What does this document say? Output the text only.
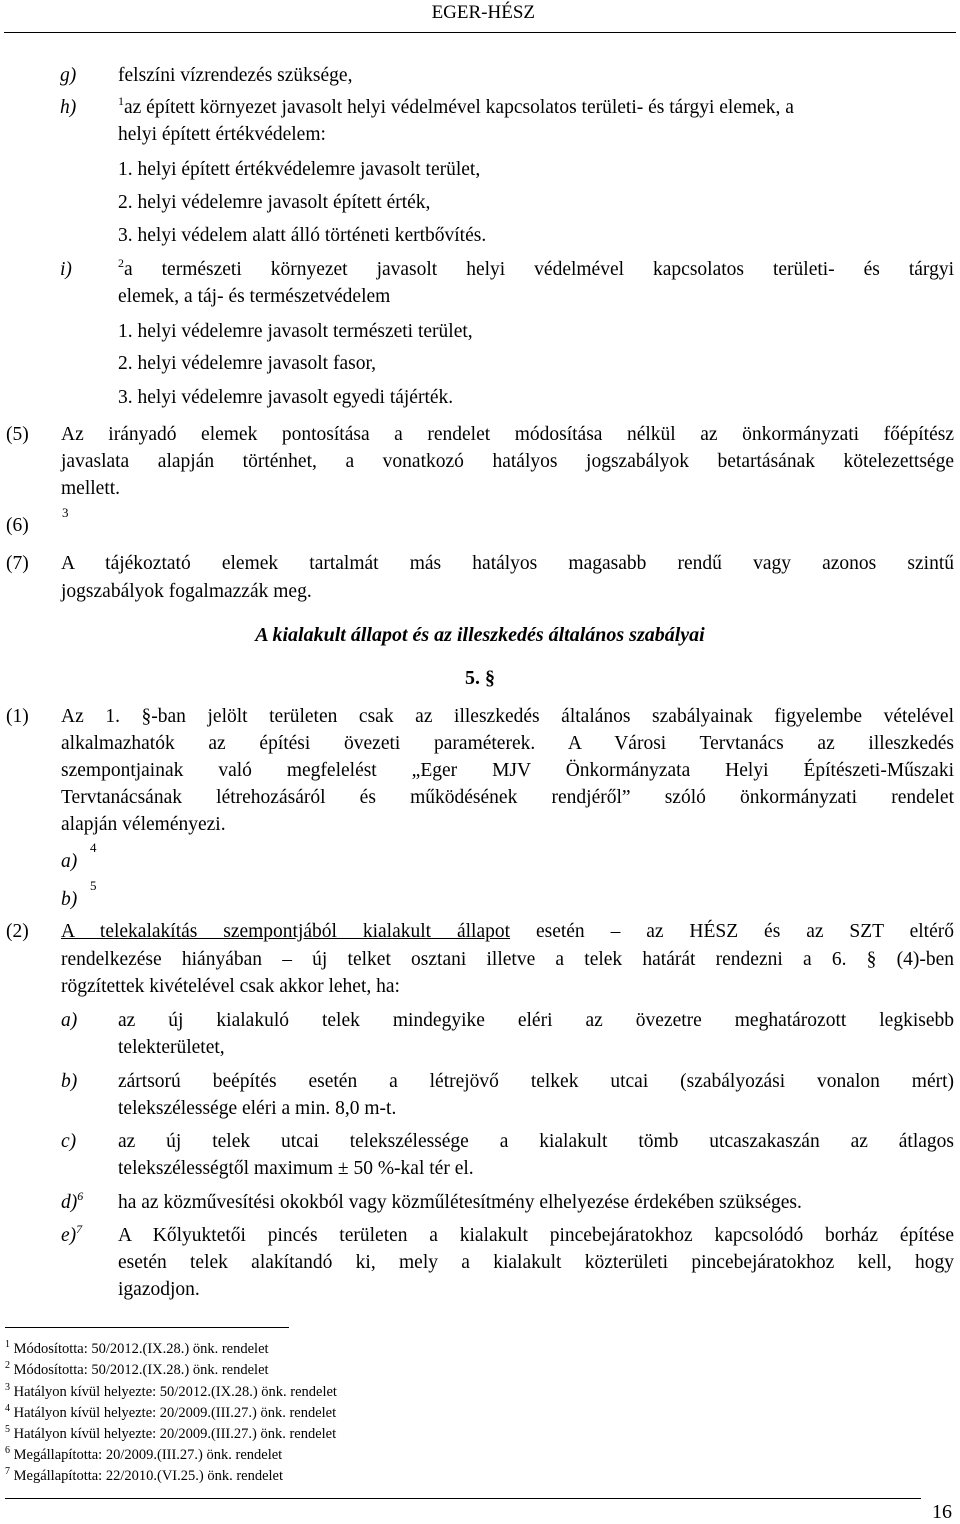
EGER-HÉSZ
g) felszíni vízrendezés szüksége,
h)	$^1$az épített környezet javasolt helyi védelmével kapcsolatos területi- és tárgyi elemek, a
helyi épített értékvédelem:
1. helyi épített értékvédelemre javasolt terület,
2. helyi védelemre javasolt épített érték,
3. helyi védelem alatt álló történeti kertbővítés.
i)	$^2$a természeti környezet javasolt helyi védelmével kapcsolatos területi- és tárgyi
elemek, a táj- és természetvédelem
1. helyi védelemre javasolt természeti terület,
2. helyi védelemre javasolt fasor,
3. helyi védelemre javasolt egyedi tájérték.
(5) Az irányadó elemek pontosítása a rendelet módosítása nélkül az önkormányzati főépítész
javaslata alapján történhet, a vonatkozó hatályos jogszabályok betartásának kötelezettsége
mellett.
(6)
3
(7) A tájékoztató elemek tartalmát más hatályos magasabb rendű vagy azonos szintű
jogszabályok fogalmazzák meg.
A kialakult állapot és az illeszkedés általános szabályai
5. §
(1) Az 1. §-ban jelölt területen csak az illeszkedés általános szabályainak figyelembe vételével
alkalmazhatók az építési övezeti paraméterek. A Városi Tervtanács az illeszkedés
szempontjainak való megfelelést „Eger MJV Önkormányzata Helyi Építészeti-Műszaki
Tervtanácsának létrehozásáról és működésének rendjéről” szóló önkormányzati rendelet
alapján véleményezi.
a)
4
b)
5
(2) A telekalakítás szempontjából kialakult állapot esetén – az HÉSZ és az SZT eltérő
rendelkezése hiányában – új telket osztani illetve a telek határát rendezni a 6. § (4)-ben
rögzítettek kivételével csak akkor lehet, ha:
a) az új kialakuló telek mindegyike eléri az övezetre meghatározott legkisebb
telekterületet,
b) zártsorú beépítés esetén a létrejövő telkek utcai (szabályozási vonalon mért)
telekszélessége eléri a min. 8,0 m-t.
c) az új telek utcai telekszélessége a kialakult tömb utcaszakaszán az átlagos
telekszélességtől maximum ± 50 %-kal tér el.
d)$^6$ ha az közművesítési okokból vagy közműlétesítmény elhelyezése érdekében szükséges.
e)$^7$ A Kőlyuktetői pincés területen a kialakult pincebejáratokhoz kapcsolódó borház építése
esetén telek alakítandó ki, mely a kialakult közterületi pincebejáratokhoz kell, hogy
igazodjon.
$^1$ Módosította: 50/2012.(IX.28.) önk. rendelet
$^2$ Módosította: 50/2012.(IX.28.) önk. rendelet
$^3$ Hatályon kívül helyezte: 50/2012.(IX.28.) önk. rendelet
$^4$ Hatályon kívül helyezte: 20/2009.(III.27.) önk. rendelet
$^5$ Hatályon kívül helyezte: 20/2009.(III.27.) önk. rendelet
$^6$ Megállapította: 20/2009.(III.27.) önk. rendelet
$^7$ Megállapította: 22/2010.(VI.25.) önk. rendelet
16
